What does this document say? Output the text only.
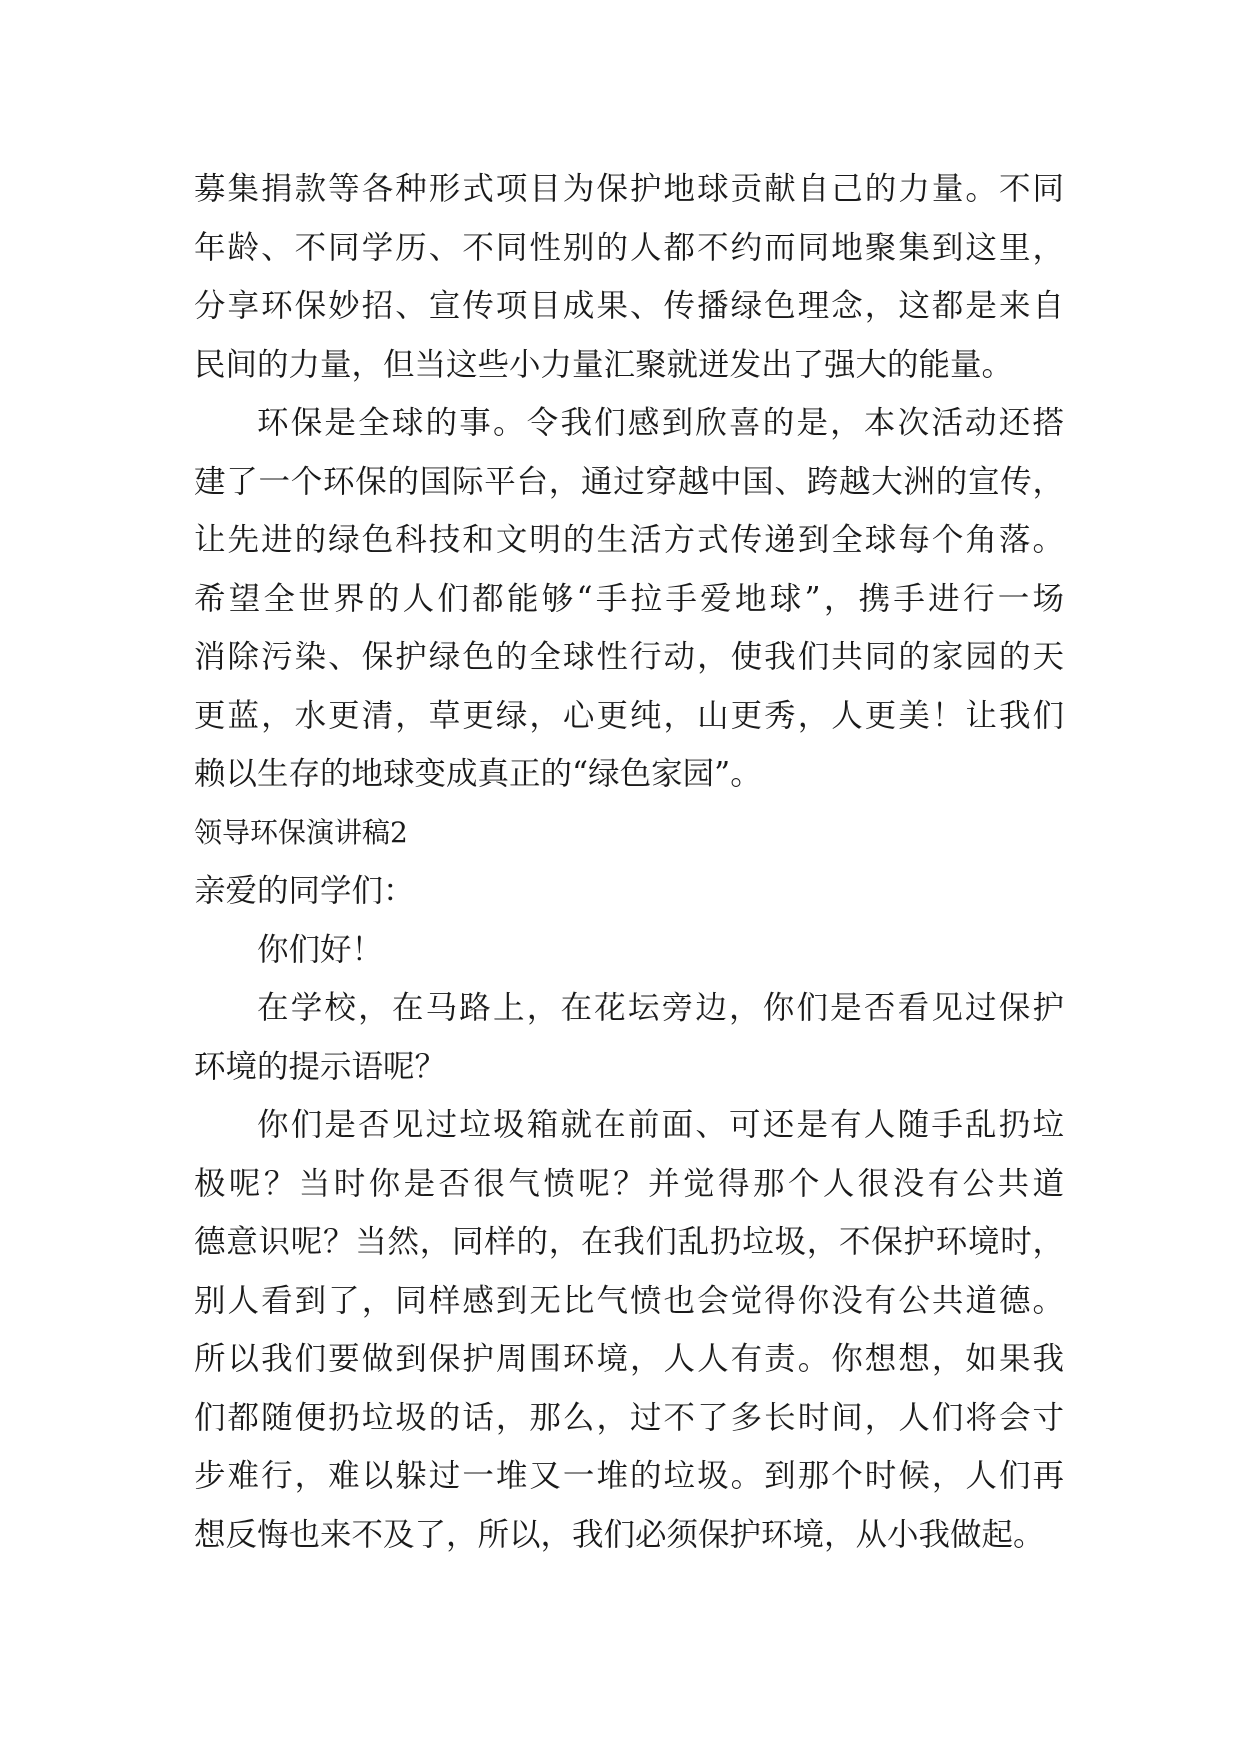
募集捐款等各种形式项目为保护地球贡献自己的力量。不同
年龄、不同学历、不同性别的人都不约而同地聚集到这里，
分享环保妙招、宣传项目成果、传播绿色理念，这都是来自
民间的力量，但当这些小力量汇聚就迸发出了强大的能量。
环保是全球的事。令我们感到欣喜的是，本次活动还搭
建了一个环保的国际平台，通过穿越中国、跨越大洲的宣传，
让先进的绿色科技和文明的生活方式传递到全球每个角落。
希望全世界的人们都能够“手拉手爱地球”，携手进行一场
消除污染、保护绿色的全球性行动，使我们共同的家园的天
更蓝，水更清，草更绿，心更纯，山更秀，人更美！让我们
赖以生存的地球变成真正的“绿色家园”。
领导环保演讲稿2
亲爱的同学们：
你们好！
在学校，在马路上，在花坛旁边，你们是否看见过保护
环境的提示语呢？
你们是否见过垃圾箱就在前面、可还是有人随手乱扔垃
极呢？当时你是否很气愤呢？并觉得那个人很没有公共道
德意识呢？当然，同样的，在我们乱扔垃圾，不保护环境时，
别人看到了，同样感到无比气愤也会觉得你没有公共道德。
所以我们要做到保护周围环境，人人有责。你想想，如果我
们都随便扔垃圾的话，那么，过不了多长时间，人们将会寸
步难行，难以躲过一堆又一堆的垃圾。到那个时候，人们再
想反悔也来不及了，所以，我们必须保护环境，从小我做起。
